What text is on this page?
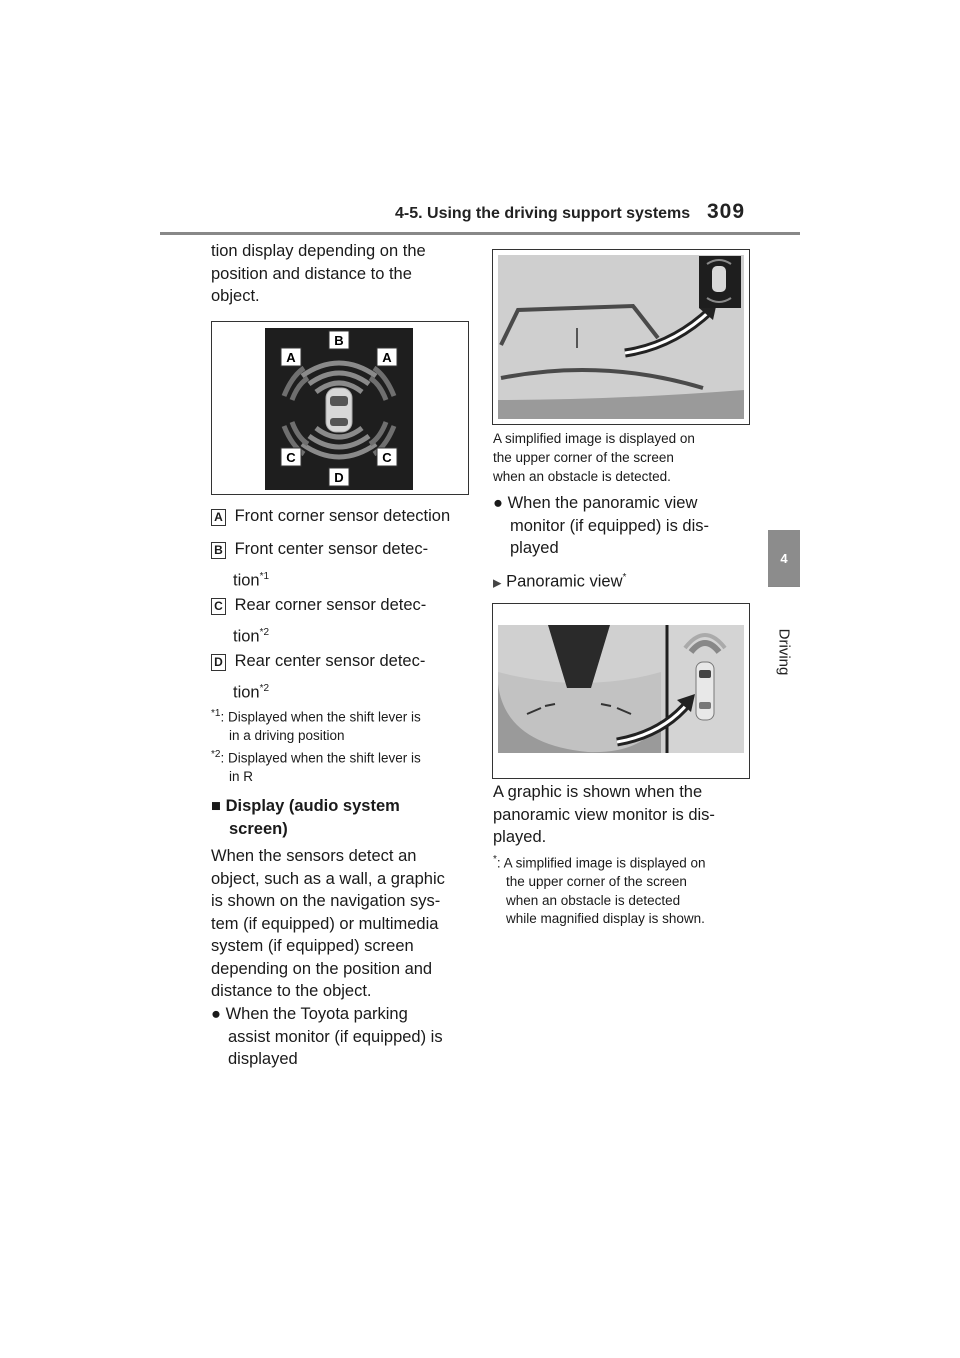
4-5. Using the driving support systems 309
4
Driving
tion display depending on the
position and distance to the
object.
B
A	A
C	C
D
A Front corner sensor detection
B Front center sensor detec-
tion$^{*1}$
C Rear corner sensor detec-
tion$^{*2}$
D Rear center sensor detec-
tion$^{*2}$
$^{*1}$: Displayed when the shift lever is
in a driving position
$^{*2}$: Displayed when the shift lever is
in R
■ Display (audio system
screen)
When the sensors detect an
object, such as a wall, a graphic
is shown on the navigation sys-
tem (if equipped) or multimedia
system (if equipped) screen
depending on the position and
distance to the object.
● When the Toyota parking
assist monitor (if equipped) is
displayed
A simplified image is displayed on
the upper corner of the screen
when an obstacle is detected.
● When the panoramic view
monitor (if equipped) is dis-
played
▶ Panoramic view*
A graphic is shown when the
panoramic view monitor is dis-
played.
*: A simplified image is displayed on
the upper corner of the screen
when an obstacle is detected
while magnified display is shown.
